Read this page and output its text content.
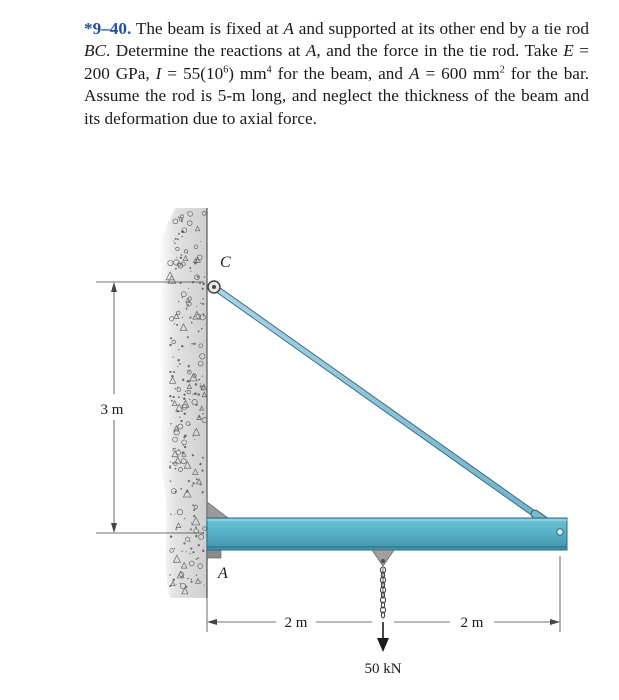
*9–40. The beam is fixed at A and supported at its other end by a tie rod BC. Determine the reactions at A, and the force in the tie rod. Take E = 200 GPa, $I = 55(10^6)$ $mm^4$ for the beam, and A = 600 $mm^2$ for the bar. Assume the rod is 5-m long, and neglect the thickness of the beam and its deformation due to axial force.
50 kN
C
A
3 m
2 m	2 m
